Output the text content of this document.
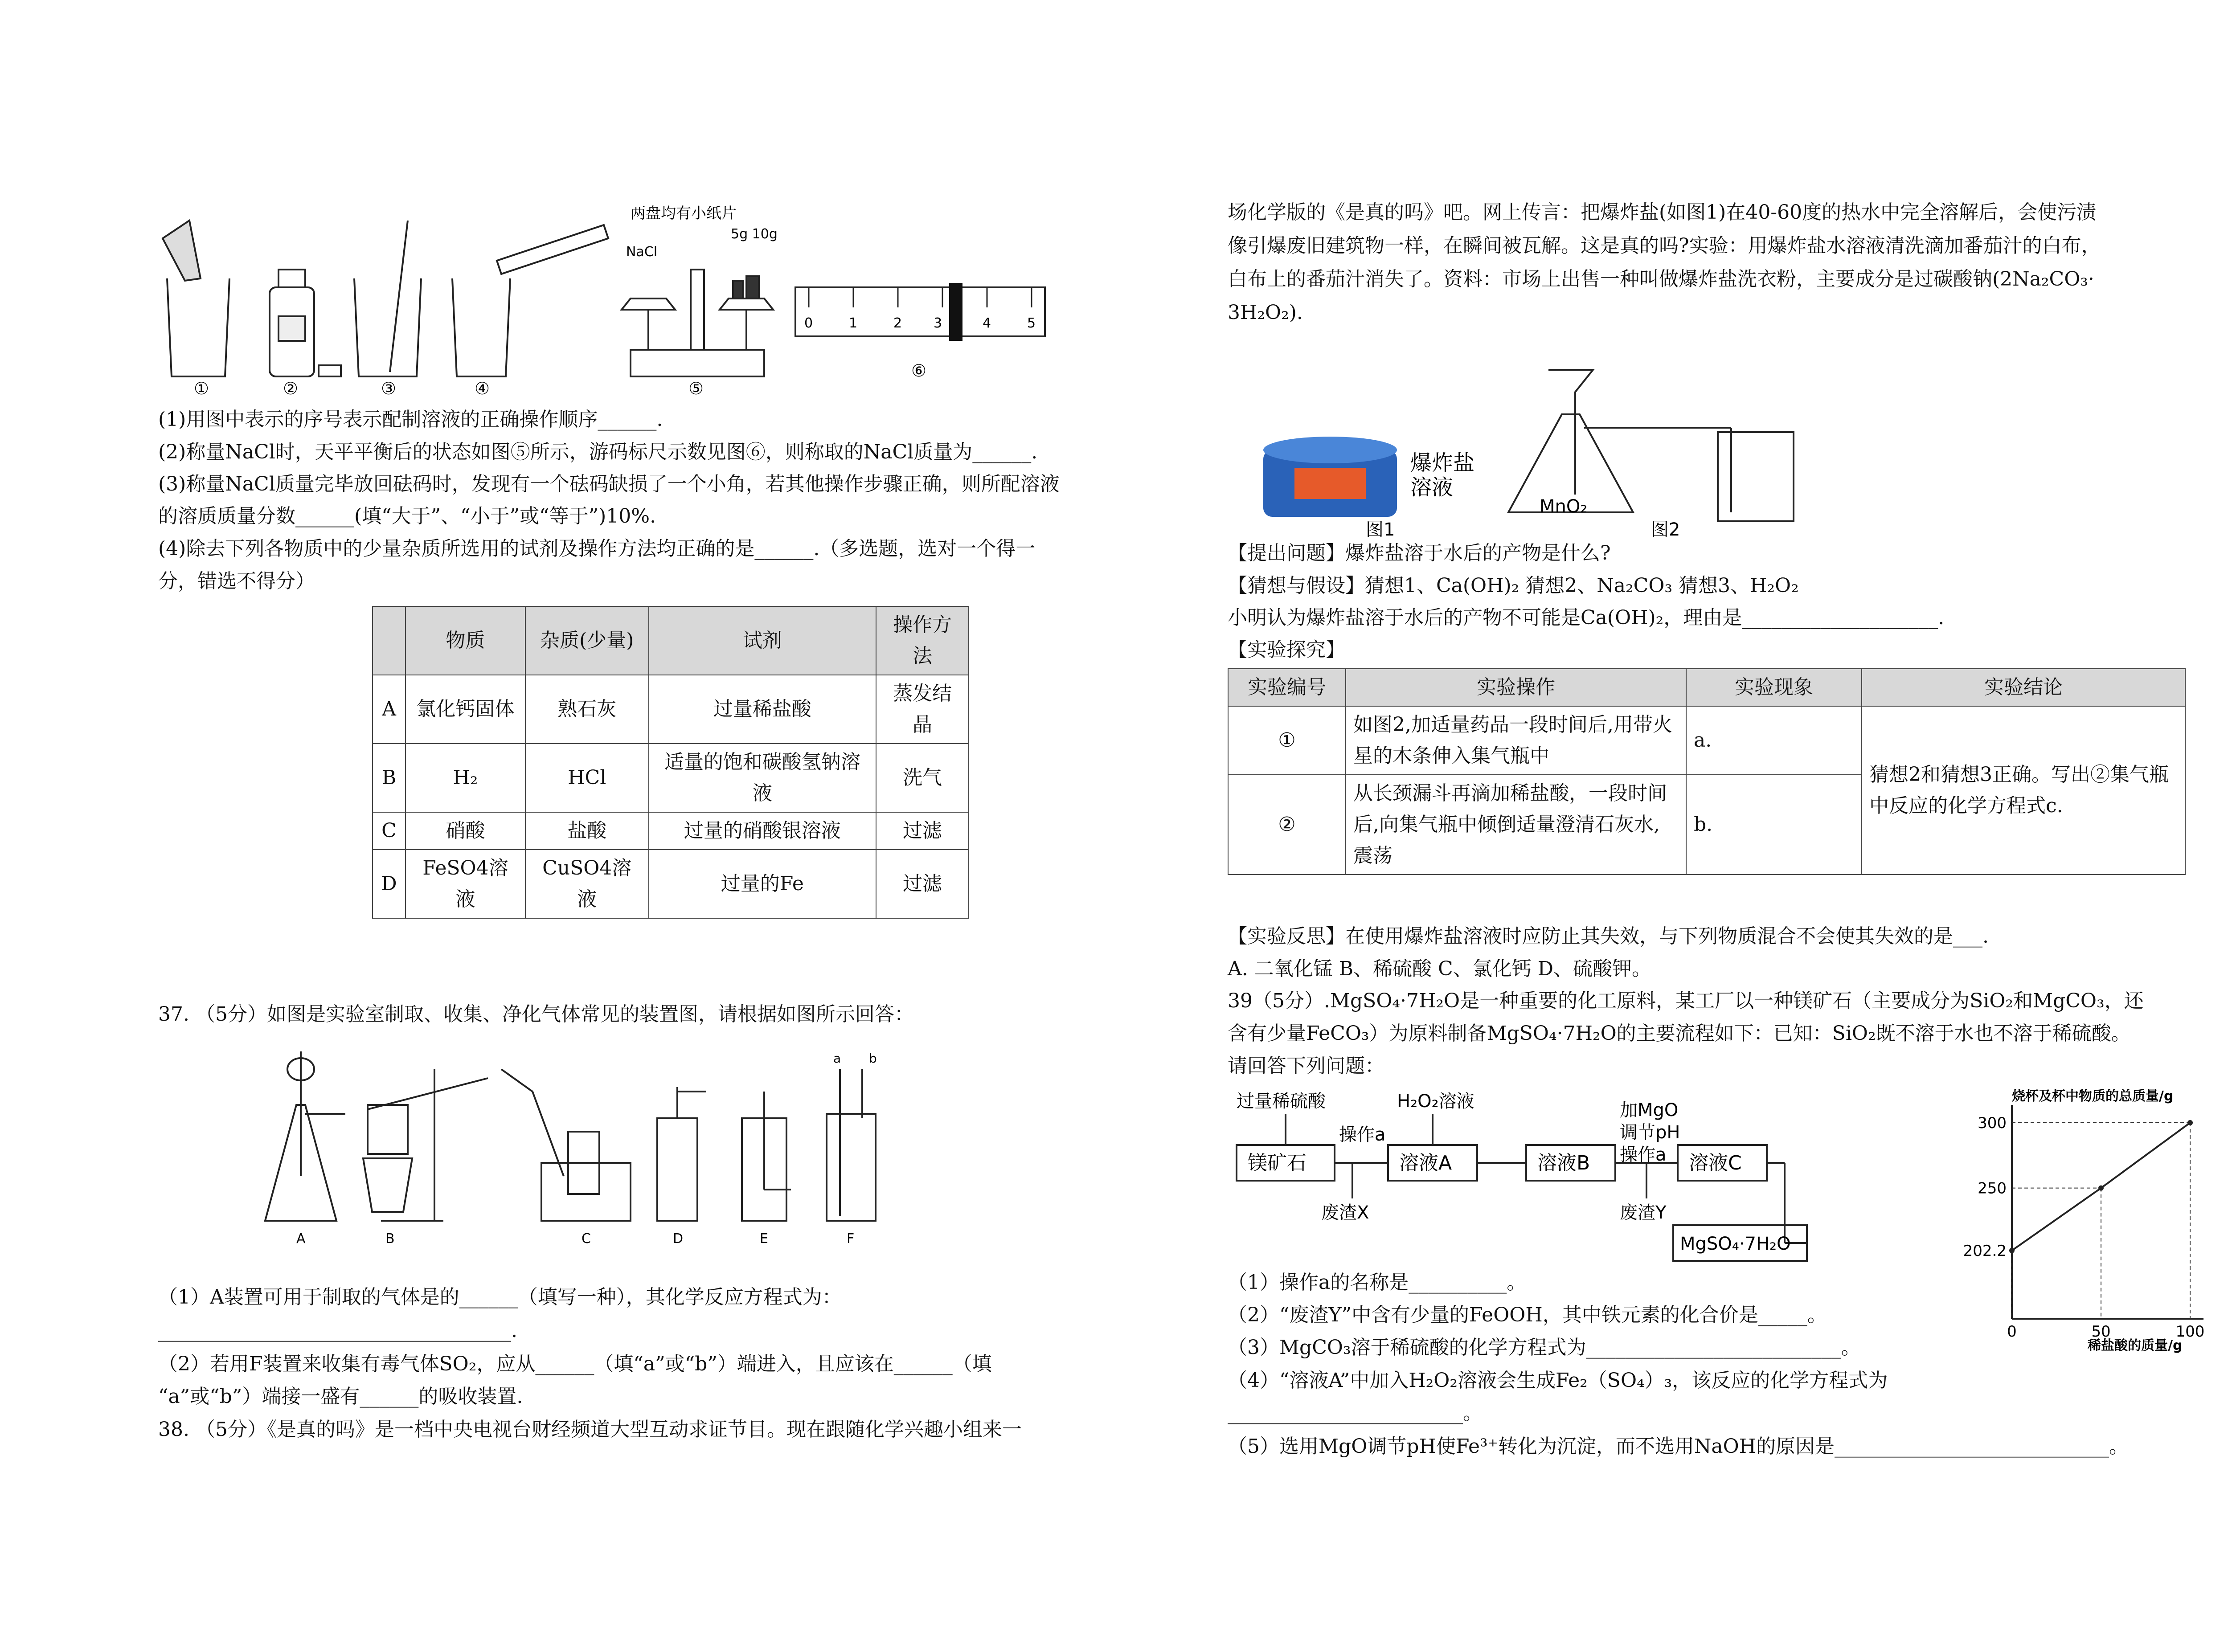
两盘均有小纸片
NaCl
5g 10g
0	1	2 3	4	5
①	②	③	④	⑤
⑥
(1)用图中表示的序号表示配制溶液的正确操作顺序______.
(2)称量NaCl时，天平平衡后的状态如图⑤所示，游码标尺示数见图⑥，则称取的NaCl质量为______.
(3)称量NaCl质量完毕放回砝码时，发现有一个砝码缺损了一个小角，若其他操作步骤正确，则所配溶液
的溶质质量分数______(填“大于”、“小于”或“等于”)10%.
(4)除去下列各物质中的少量杂质所选用的试剂及操作方法均正确的是______.（多选题，选对一个得一
分，错选不得分）
	物质	杂质(少量)	试剂	操作方法
A	氯化钙固体	熟石灰	过量稀盐酸	蒸发结晶
B	H₂	HCl	适量的饱和碳酸氢钠溶液	洗气
C	硝酸	盐酸	过量的硝酸银溶液	过滤
D	FeSO4溶液	CuSO4溶液	过量的Fe	过滤
37. （5分）如图是实验室制取、收集、净化气体常见的装置图，请根据如图所示回答：
A	B	C	D	E	F
a b
（1）A装置可用于制取的气体是的______（填写一种），其化学反应方程式为：
____________________________________.
（2）若用F装置来收集有毒气体SO₂，应从______（填“a”或“b”）端进入，且应该在______（填
“a”或“b”）端接一盛有______的吸收装置.
38. （5分）《是真的吗》是一档中央电视台财经频道大型互动求证节目。现在跟随化学兴趣小组来一
场化学版的《是真的吗》吧。网上传言：把爆炸盐(如图1)在40-60度的热水中完全溶解后，会使污渍
像引爆废旧建筑物一样，在瞬间被瓦解。这是真的吗?实验：用爆炸盐水溶液清洗滴加番茄汁的白布，
白布上的番茄汁消失了。资料：市场上出售一种叫做爆炸盐洗衣粉，主要成分是过碳酸钠(2Na₂CO₃·
3H₂O₂).
爆炸盐
溶液
MnO₂
图1	图2
【提出问题】爆炸盐溶于水后的产物是什么?
【猜想与假设】猜想1、Ca(OH)₂ 猜想2、Na₂CO₃ 猜想3、H₂O₂
小明认为爆炸盐溶于水后的产物不可能是Ca(OH)₂，理由是____________________.
【实验探究】
实验编号	实验操作	实验现象	实验结论
①	如图2,加适量药品一段时间后,用带火星的木条伸入集气瓶中	a.	猜想2和猜想3正确。写出②集气瓶中反应的化学方程式c.
②	从长颈漏斗再滴加稀盐酸，一段时间后,向集气瓶中倾倒适量澄清石灰水,震荡	b.	
【实验反思】在使用爆炸盐溶液时应防止其失效，与下列物质混合不会使其失效的是___.
A. 二氧化锰 B、稀硫酸 C、氯化钙 D、硫酸钾。
39（5分）.MgSO₄·7H₂O是一种重要的化工原料，某工厂以一种镁矿石（主要成分为SiO₂和MgCO₃，还
含有少量FeCO₃）为原料制备MgSO₄·7H₂O的主要流程如下：已知：SiO₂既不溶于水也不溶于稀硫酸。
请回答下列问题：
过量稀硫酸	H₂O₂溶液	加MgO
调节pH
操作a
操作a
镁矿石	溶液A	溶液B	溶液C
废渣X	废渣Y
MgSO₄·7H₂O
烧杯及杯中物质的总质量/g
202.2
250
300
0	50	100
稀盐酸的质量/g
（1）操作a的名称是__________。
（2）“废渣Y”中含有少量的FeOOH，其中铁元素的化合价是_____。
（3）MgCO₃溶于稀硫酸的化学方程式为__________________________。
（4）“溶液A”中加入H₂O₂溶液会生成Fe₂（SO₄）₃，该反应的化学方程式为
________________________。
（5）选用MgO调节pH使Fe³⁺转化为沉淀，而不选用NaOH的原因是____________________________。
